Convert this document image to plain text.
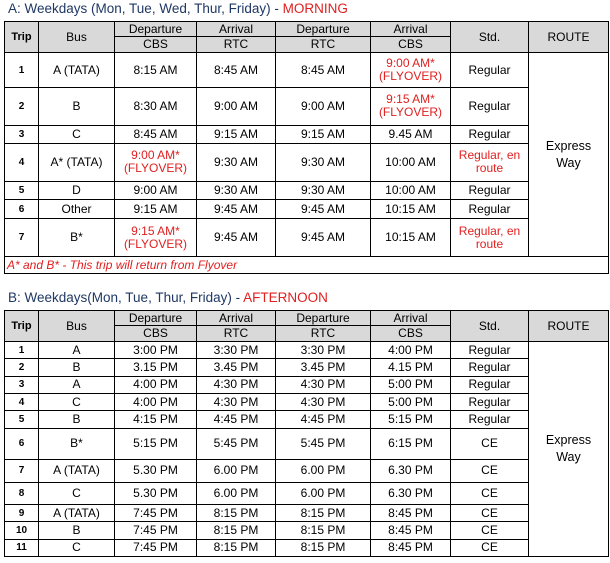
A: Weekdays (Mon, Tue, Wed, Thur, Friday) - MORNING
Trip	Bus	Departure	Arrival	Departure	Arrival	Std.	ROUTE
		CBS	RTC	RTC	CBS		
1	A (TATA)	8:15 AM	8:45 AM	8:45 AM	9:00 AM* (FLYOVER)	Regular	Express Way
2	B	8:30 AM	9:00 AM	9:00 AM	9:15 AM* (FLYOVER)	Regular	
3	C	8:45 AM	9:15 AM	9:15 AM	9.45 AM	Regular	
4	A* (TATA)	9:00 AM* (FLYOVER)	9:30 AM	9:30 AM	10:00 AM	Regular, en route	
5	D	9:00 AM	9:30 AM	9:30 AM	10:00 AM	Regular	
6	Other	9:15 AM	9:45 AM	9:45 AM	10:15 AM	Regular	
7	B*	9:15 AM* (FLYOVER)	9:45 AM	9:45 AM	10:15 AM	Regular, en route	
A* and B* - This trip will return from Flyover							
B: Weekdays(Mon, Tue, Thur, Friday) - AFTERNOON
Trip	Bus	Departure	Arrival	Departure	Arrival	Std.	ROUTE
		CBS	RTC	RTC	CBS		
1	A	3:00 PM	3:30 PM	3:30 PM	4:00 PM	Regular	Express Way
2	B	3.15 PM	3.45 PM	3.45 PM	4.15 PM	Regular	
3	A	4:00 PM	4:30 PM	4:30 PM	5:00 PM	Regular	
4	C	4:00 PM	4:30 PM	4:30 PM	5:00 PM	Regular	
5	B	4:15 PM	4:45 PM	4:45 PM	5:15 PM	Regular	
6	B*	5:15 PM	5:45 PM	5:45 PM	6:15 PM	CE	
7	A (TATA)	5.30 PM	6.00 PM	6.00 PM	6.30 PM	CE	
8	C	5.30 PM	6.00 PM	6.00 PM	6.30 PM	CE	
9	A (TATA)	7:45 PM	8:15 PM	8:15 PM	8:45 PM	CE	
10	B	7:45 PM	8:15 PM	8:15 PM	8:45 PM	CE	
11	C	7:45 PM	8:15 PM	8:15 PM	8:45 PM	CE	
